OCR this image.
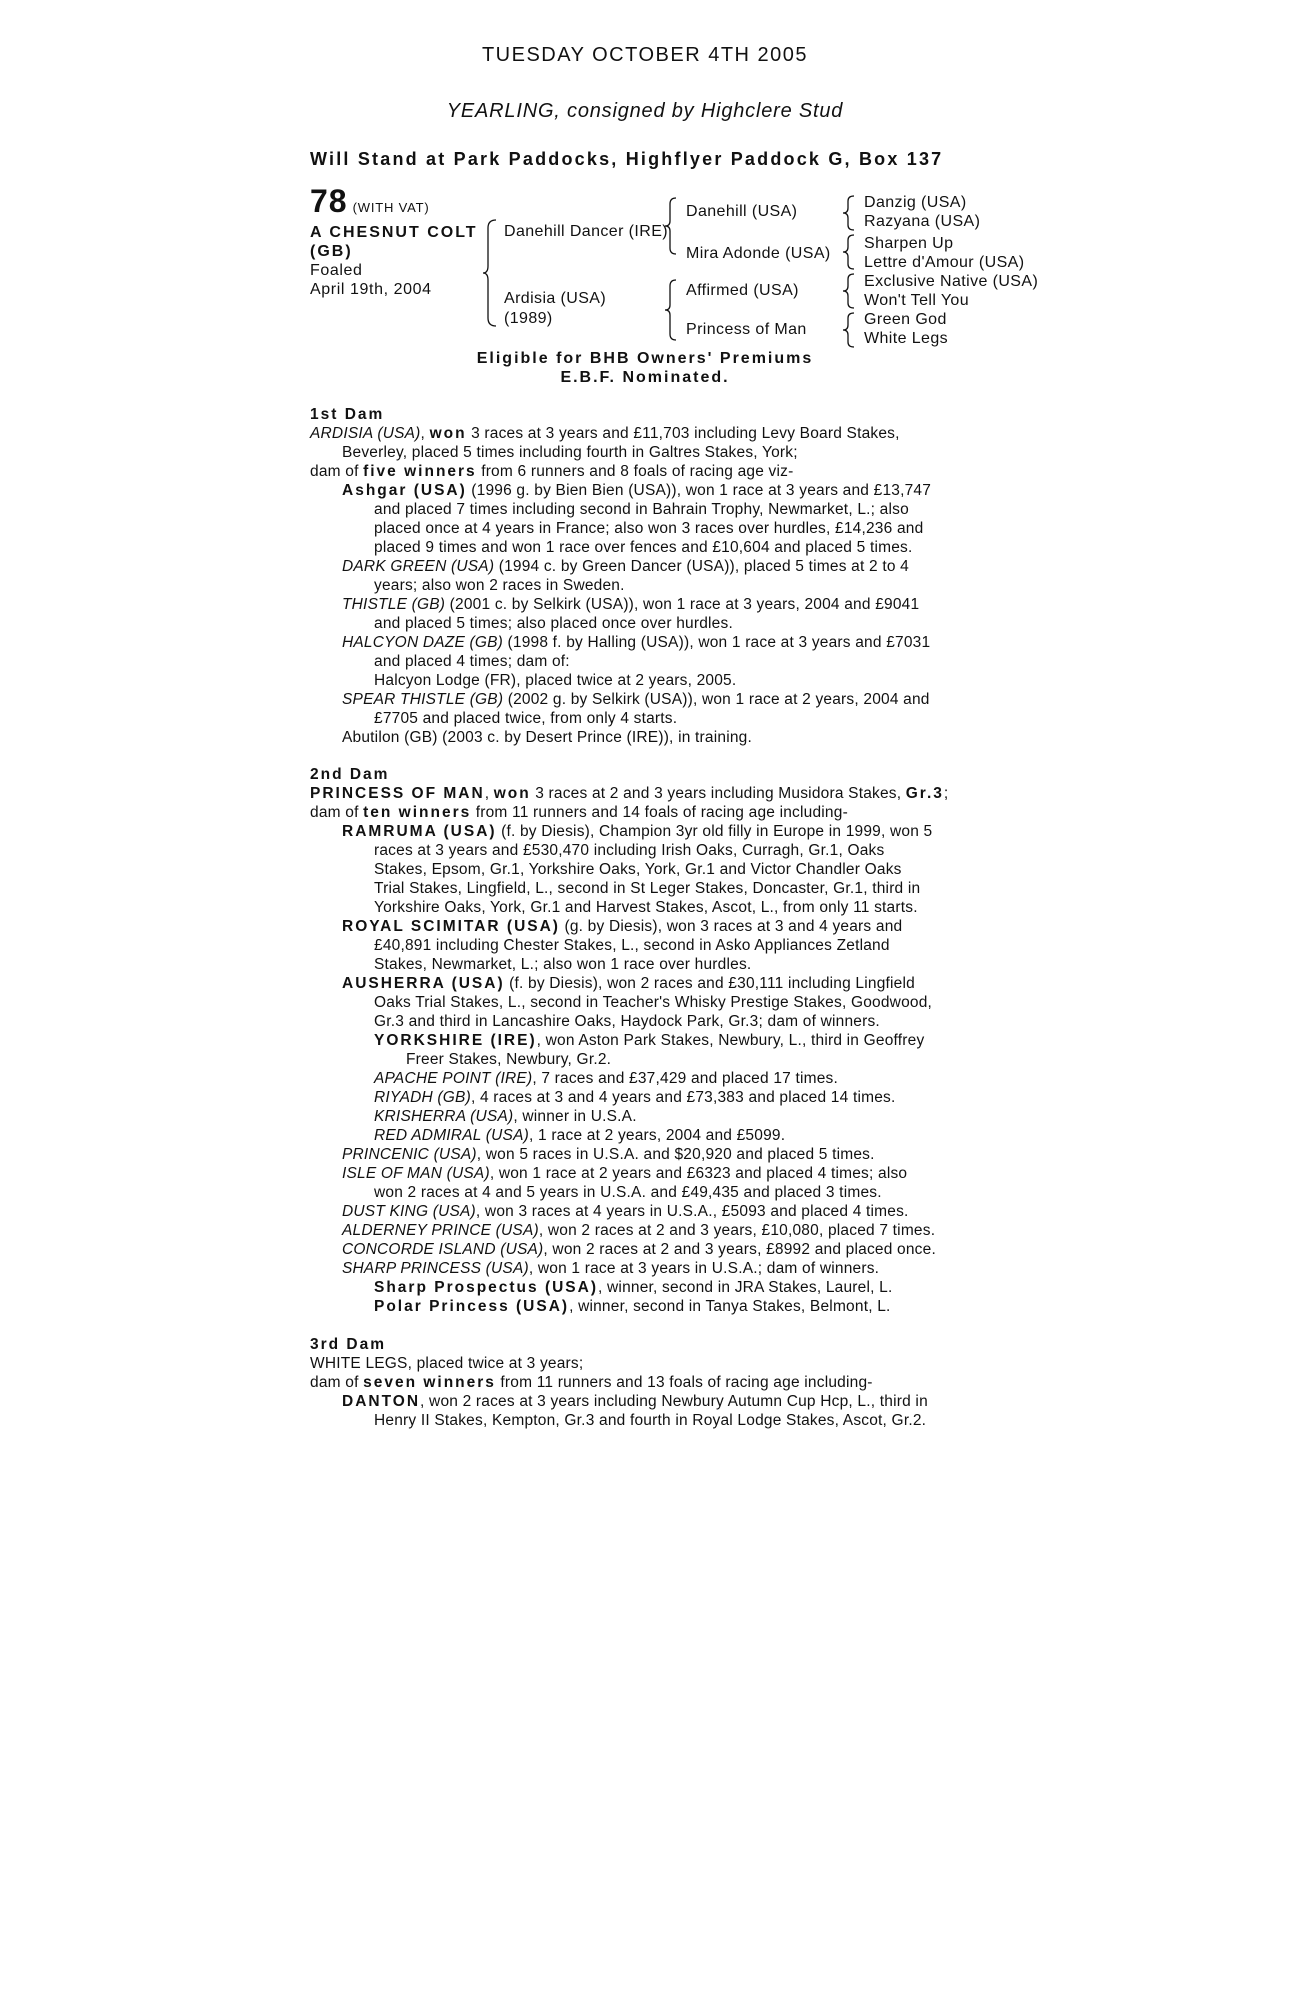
TUESDAY OCTOBER 4TH 2005
YEARLING, consigned by Highclere Stud
Will Stand at Park Paddocks, Highflyer Paddock G, Box 137
78 (WITH VAT)
A CHESNUT COLT
(GB)
Foaled
April 19th, 2004
Danehill Dancer (IRE)
Ardisia (USA)
(1989)
Danehill (USA)
Mira Adonde (USA)
Affirmed (USA)
Princess of Man
Danzig (USA)
Razyana (USA)
Sharpen Up
Lettre d'Amour (USA)
Exclusive Native (USA)
Won't Tell You
Green God
White Legs
Eligible for BHB Owners' Premiums
E.B.F. Nominated.

1st Dam

ARDISIA (USA), won 3 races at 3 years and £11,703 including Levy Board Stakes,

Beverley, placed 5 times including fourth in Galtres Stakes, York;

dam of five winners from 6 runners and 8 foals of racing age viz-

Ashgar (USA) (1996 g. by Bien Bien (USA)), won 1 race at 3 years and £13,747

and placed 7 times including second in Bahrain Trophy, Newmarket, L.; also

placed once at 4 years in France; also won 3 races over hurdles, £14,236 and

placed 9 times and won 1 race over fences and £10,604 and placed 5 times.

DARK GREEN (USA) (1994 c. by Green Dancer (USA)), placed 5 times at 2 to 4

years; also won 2 races in Sweden.

THISTLE (GB) (2001 c. by Selkirk (USA)), won 1 race at 3 years, 2004 and £9041

and placed 5 times; also placed once over hurdles.

HALCYON DAZE (GB) (1998 f. by Halling (USA)), won 1 race at 3 years and £7031

and placed 4 times; dam of:

Halcyon Lodge (FR), placed twice at 2 years, 2005.

SPEAR THISTLE (GB) (2002 g. by Selkirk (USA)), won 1 race at 2 years, 2004 and

£7705 and placed twice, from only 4 starts.

Abutilon (GB) (2003 c. by Desert Prince (IRE)), in training.

2nd Dam

PRINCESS OF MAN, won 3 races at 2 and 3 years including Musidora Stakes, Gr.3;

dam of ten winners from 11 runners and 14 foals of racing age including-

RAMRUMA (USA) (f. by Diesis), Champion 3yr old filly in Europe in 1999, won 5

races at 3 years and £530,470 including Irish Oaks, Curragh, Gr.1, Oaks

Stakes, Epsom, Gr.1, Yorkshire Oaks, York, Gr.1 and Victor Chandler Oaks

Trial Stakes, Lingfield, L., second in St Leger Stakes, Doncaster, Gr.1, third in

Yorkshire Oaks, York, Gr.1 and Harvest Stakes, Ascot, L., from only 11 starts.

ROYAL SCIMITAR (USA) (g. by Diesis), won 3 races at 3 and 4 years and

£40,891 including Chester Stakes, L., second in Asko Appliances Zetland

Stakes, Newmarket, L.; also won 1 race over hurdles.

AUSHERRA (USA) (f. by Diesis), won 2 races and £30,111 including Lingfield

Oaks Trial Stakes, L., second in Teacher's Whisky Prestige Stakes, Goodwood,

Gr.3 and third in Lancashire Oaks, Haydock Park, Gr.3; dam of winners.

YORKSHIRE (IRE), won Aston Park Stakes, Newbury, L., third in Geoffrey

Freer Stakes, Newbury, Gr.2.

APACHE POINT (IRE), 7 races and £37,429 and placed 17 times.

RIYADH (GB), 4 races at 3 and 4 years and £73,383 and placed 14 times.

KRISHERRA (USA), winner in U.S.A.

RED ADMIRAL (USA), 1 race at 2 years, 2004 and £5099.

PRINCENIC (USA), won 5 races in U.S.A. and $20,920 and placed 5 times.

ISLE OF MAN (USA), won 1 race at 2 years and £6323 and placed 4 times; also

won 2 races at 4 and 5 years in U.S.A. and £49,435 and placed 3 times.

DUST KING (USA), won 3 races at 4 years in U.S.A., £5093 and placed 4 times.

ALDERNEY PRINCE (USA), won 2 races at 2 and 3 years, £10,080, placed 7 times.

CONCORDE ISLAND (USA), won 2 races at 2 and 3 years, £8992 and placed once.

SHARP PRINCESS (USA), won 1 race at 3 years in U.S.A.; dam of winners.

Sharp Prospectus (USA), winner, second in JRA Stakes, Laurel, L.

Polar Princess (USA), winner, second in Tanya Stakes, Belmont, L.

3rd Dam

WHITE LEGS, placed twice at 3 years;

dam of seven winners from 11 runners and 13 foals of racing age including-

DANTON, won 2 races at 3 years including Newbury Autumn Cup Hcp, L., third in

Henry II Stakes, Kempton, Gr.3 and fourth in Royal Lodge Stakes, Ascot, Gr.2.
